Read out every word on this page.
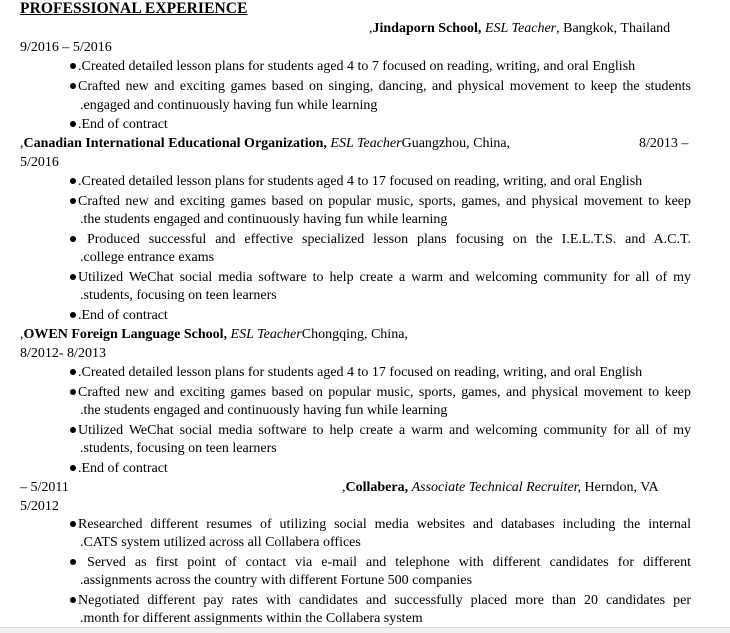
PROFESSIONAL EXPERIENCE
,Jindaporn School, ESL Teacher, Bangkok, Thailand
9/2016 – 5/2016
.Created detailed lesson plans for students aged 4 to 7 focused on reading, writing, and oral English
Crafted new and exciting games based on singing, dancing, and physical movement to keep the students
.engaged and continuously having fun while learning
.End of contract
,Canadian International Educational Organization, ESL TeacherGuangzhou, China,	8/2013 –
5/2016
.Created detailed lesson plans for students aged 4 to 17 focused on reading, writing, and oral English
Crafted new and exciting games based on popular music, sports, games, and physical movement to keep
.the students engaged and continuously having fun while learning
Produced successful and effective specialized lesson plans focusing on the I.E.L.T.S. and A.C.T.
.college entrance exams
Utilized WeChat social media software to help create a warm and welcoming community for all of my
.students, focusing on teen learners
.End of contract
,OWEN Foreign Language School, ESL TeacherChongqing, China,
8/2012- 8/2013
.Created detailed lesson plans for students aged 4 to 17 focused on reading, writing, and oral English
Crafted new and exciting games based on popular music, sports, games, and physical movement to keep
.the students engaged and continuously having fun while learning
Utilized WeChat social media software to help create a warm and welcoming community for all of my
.students, focusing on teen learners
.End of contract
– 5/2011	,Collabera, Associate Technical Recruiter, Herndon, VA
5/2012
Researched different resumes of utilizing social media websites and databases including the internal
.CATS system utilized across all Collabera offices
Served as first point of contact via e-mail and telephone with different candidates for different
.assignments across the country with different Fortune 500 companies
Negotiated different pay rates with candidates and successfully placed more than 20 candidates per
.month for different assignments within the Collabera system
